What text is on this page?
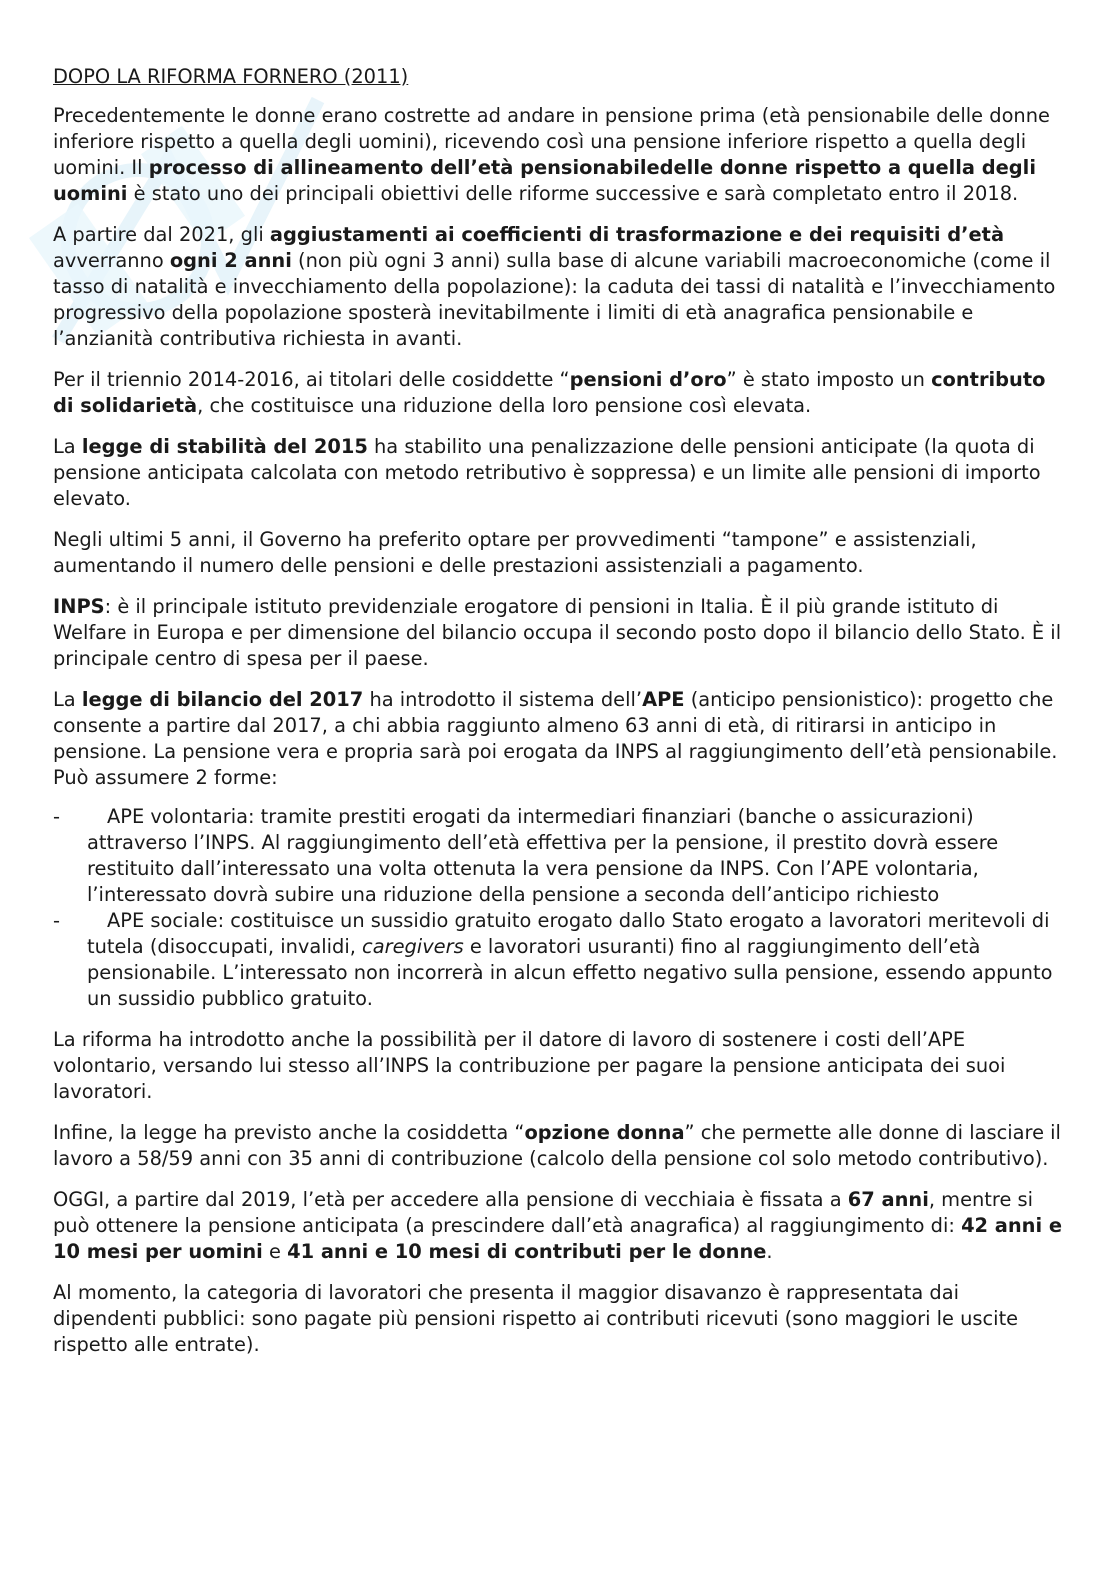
DOPO LA RIFORMA FORNERO (2011)

Precedentemente le donne erano costrette ad andare in pensione prima (età pensionabile delle donne inferiore rispetto a quella degli uomini), ricevendo così una pensione inferiore rispetto a quella degli uomini. Il processo di allineamento dell’età pensionabiledelle donne rispetto a quella degli uomini è stato uno dei principali obiettivi delle riforme successive e sarà completato entro il 2018.

A partire dal 2021, gli aggiustamenti ai coefficienti di trasformazione e dei requisiti d’età avverranno ogni 2 anni (non più ogni 3 anni) sulla base di alcune variabili macroeconomiche (come il tasso di natalità e invecchiamento della popolazione): la caduta dei tassi di natalità e l’invecchiamento progressivo della popolazione sposterà inevitabilmente i limiti di età anagrafica pensionabile e l’anzianità contributiva richiesta in avanti.

Per il triennio 2014-2016, ai titolari delle cosiddette “pensioni d’oro” è stato imposto un contributo di solidarietà, che costituisce una riduzione della loro pensione così elevata.

La legge di stabilità del 2015 ha stabilito una penalizzazione delle pensioni anticipate (la quota di pensione anticipata calcolata con metodo retributivo è soppressa) e un limite alle pensioni di importo elevato.

Negli ultimi 5 anni, il Governo ha preferito optare per provvedimenti “tampone” e assistenziali, aumentando il numero delle pensioni e delle prestazioni assistenziali a pagamento.

INPS: è il principale istituto previdenziale erogatore di pensioni in Italia. È il più grande istituto di Welfare in Europa e per dimensione del bilancio occupa il secondo posto dopo il bilancio dello Stato. È il principale centro di spesa per il paese.

La legge di bilancio del 2017 ha introdotto il sistema dell’APE (anticipo pensionistico): progetto che consente a partire dal 2017, a chi abbia raggiunto almeno 63 anni di età, di ritirarsi in anticipo in pensione. La pensione vera e propria sarà poi erogata da INPS al raggiungimento dell’età pensionabile. Può assumere 2 forme:

- APE volontaria: tramite prestiti erogati da intermediari finanziari (banche o assicurazioni) attraverso l’INPS. Al raggiungimento dell’età effettiva per la pensione, il prestito dovrà essere restituito dall’interessato una volta ottenuta la vera pensione da INPS. Con l’APE volontaria, l’interessato dovrà subire una riduzione della pensione a seconda dell’anticipo richiesto
- APE sociale: costituisce un sussidio gratuito erogato dallo Stato erogato a lavoratori meritevoli di tutela (disoccupati, invalidi, caregivers e lavoratori usuranti) fino al raggiungimento dell’età pensionabile. L’interessato non incorrerà in alcun effetto negativo sulla pensione, essendo appunto un sussidio pubblico gratuito.

La riforma ha introdotto anche la possibilità per il datore di lavoro di sostenere i costi dell’APE volontario, versando lui stesso all’INPS la contribuzione per pagare la pensione anticipata dei suoi lavoratori.

Infine, la legge ha previsto anche la cosiddetta “opzione donna” che permette alle donne di lasciare il lavoro a 58/59 anni con 35 anni di contribuzione (calcolo della pensione col solo metodo contributivo).

OGGI, a partire dal 2019, l’età per accedere alla pensione di vecchiaia è fissata a 67 anni, mentre si può ottenere la pensione anticipata (a prescindere dall’età anagrafica) al raggiungimento di: 42 anni e 10 mesi per uomini e 41 anni e 10 mesi di contributi per le donne.

Al momento, la categoria di lavoratori che presenta il maggior disavanzo è rappresentata dai dipendenti pubblici: sono pagate più pensioni rispetto ai contributi ricevuti (sono maggiori le uscite rispetto alle entrate).
